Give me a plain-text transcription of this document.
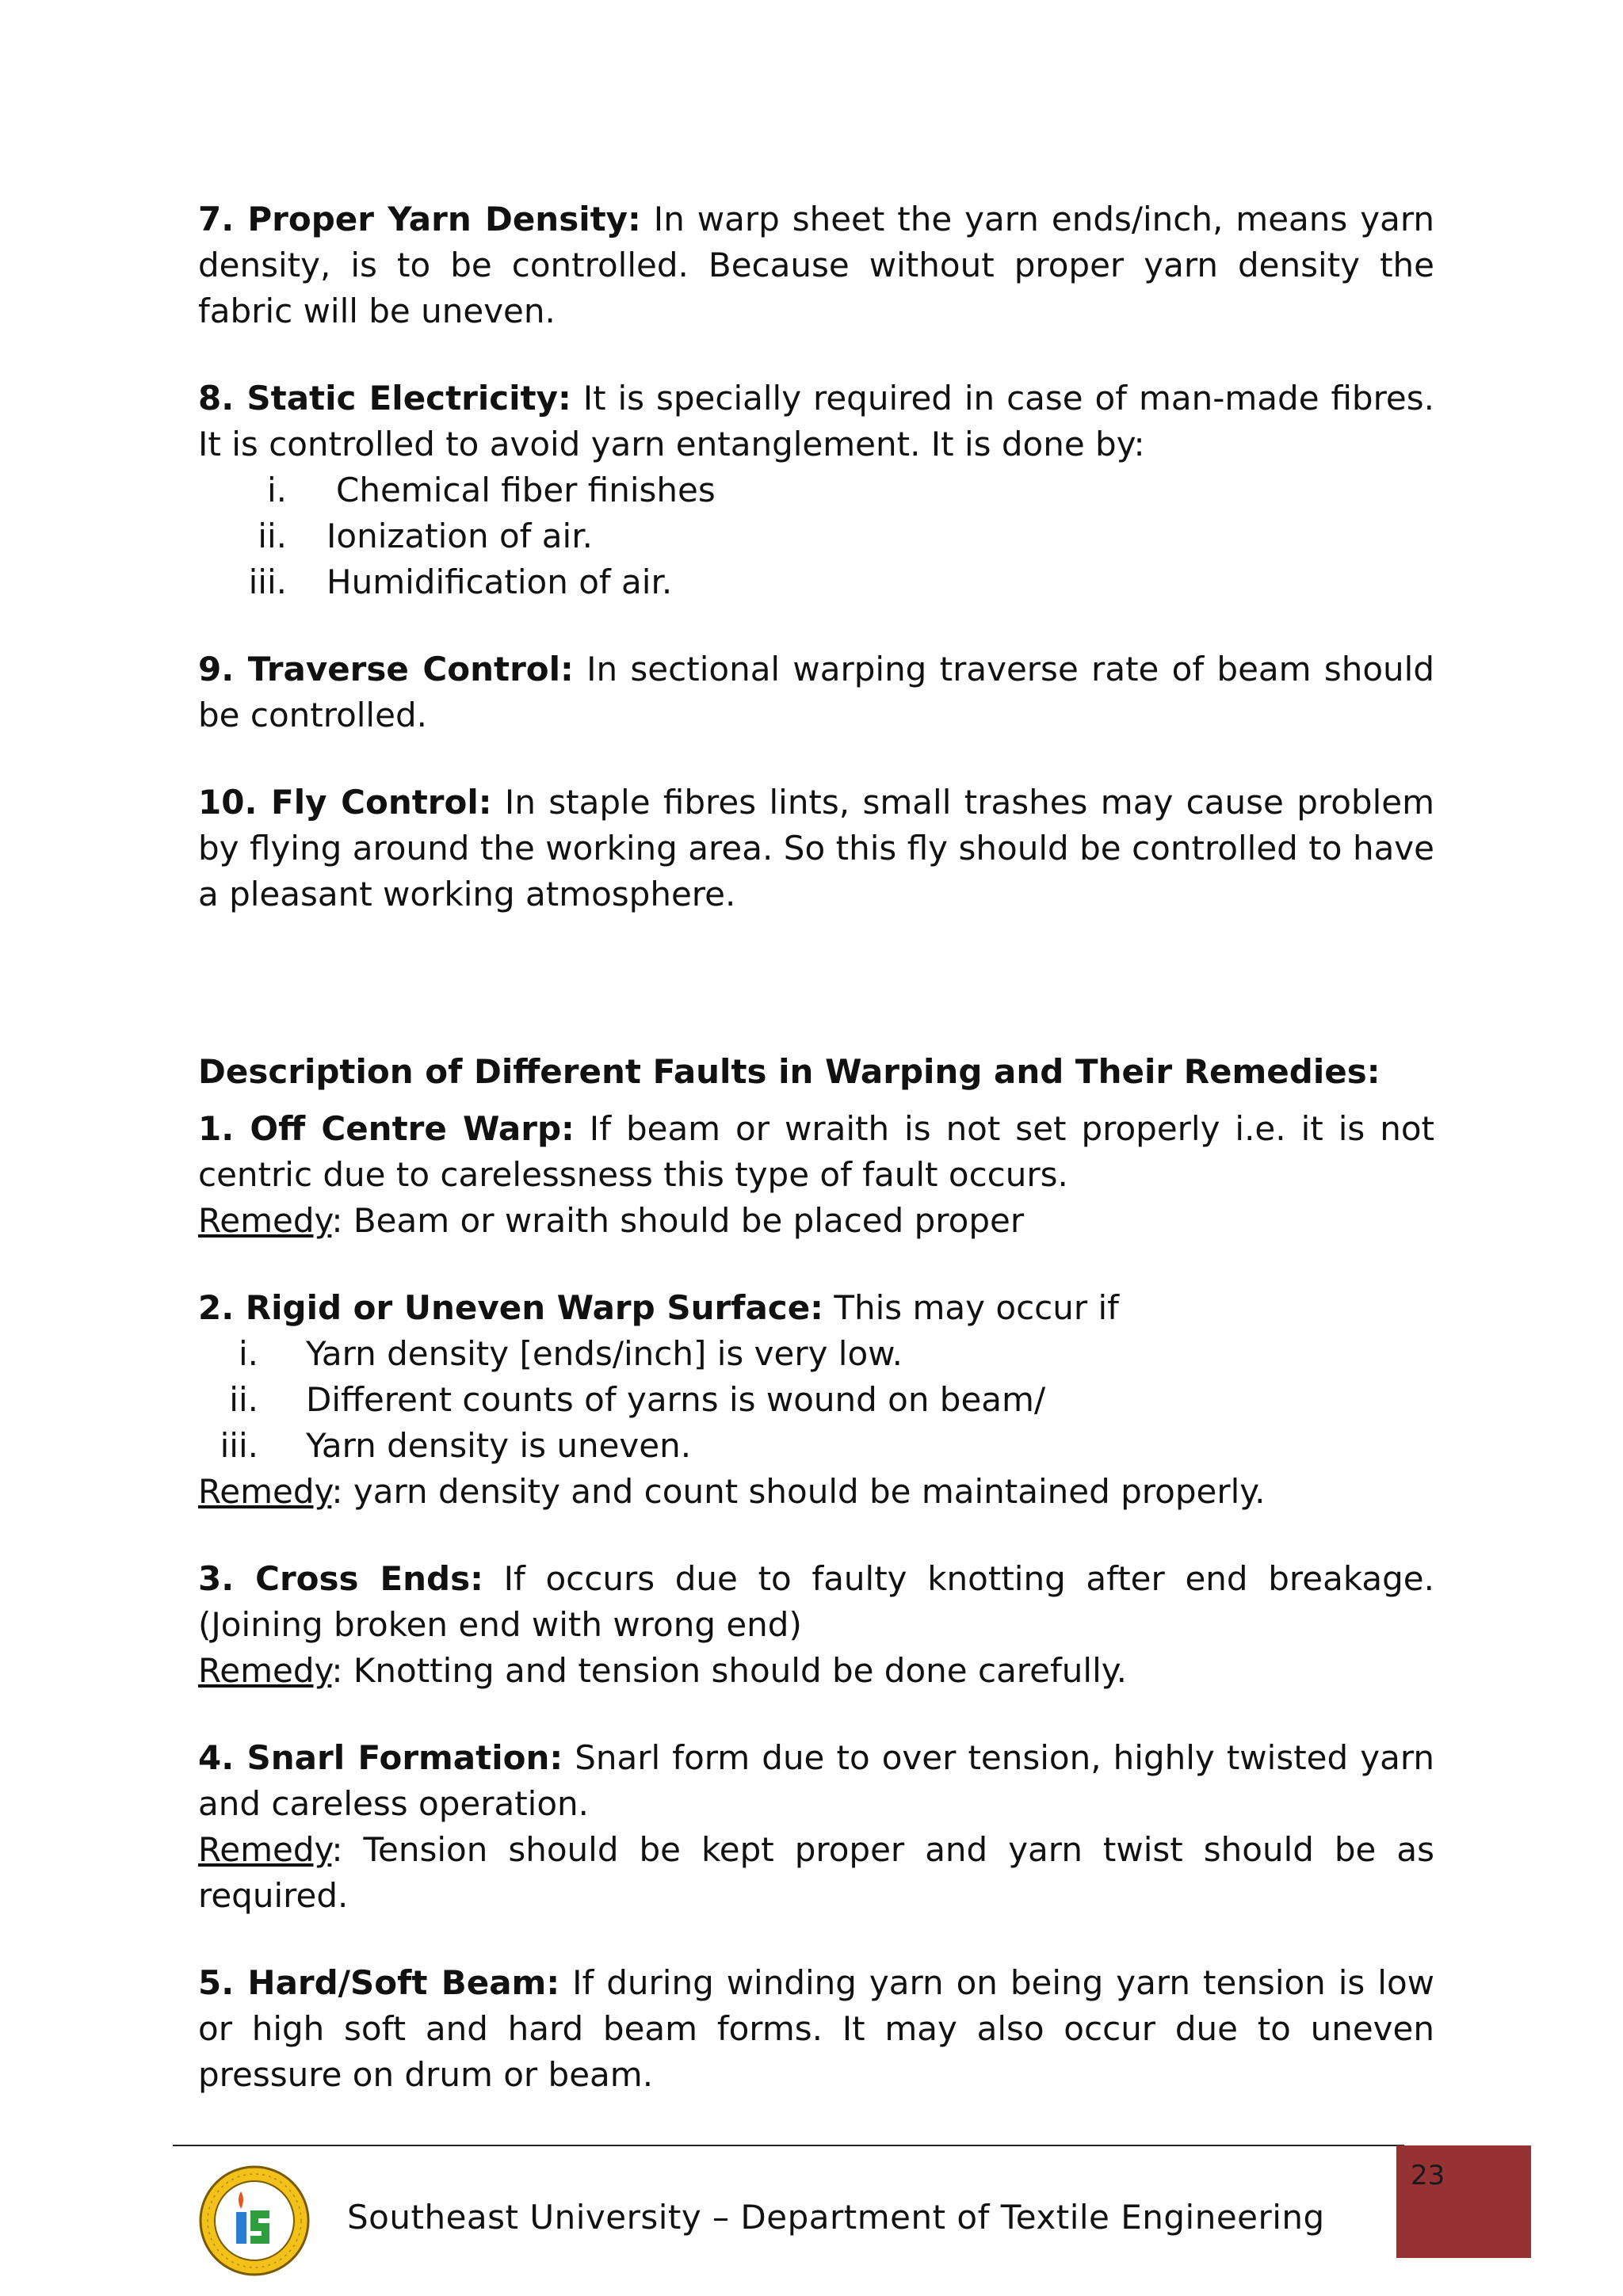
7. Proper Yarn Density: In warp sheet the yarn ends/inch, means yarn density, is to be controlled. Because without proper yarn density the fabric will be uneven.

8. Static Electricity: It is specially required in case of man-made fibres. It is controlled to avoid yarn entanglement. It is done by:

i. Chemical fiber finishes
ii. Ionization of air.
iii. Humidification of air.

9. Traverse Control: In sectional warping traverse rate of beam should be controlled.

10. Fly Control: In staple fibres lints, small trashes may cause problem by flying around the working area. So this fly should be controlled to have a pleasant working atmosphere.

Description of Different Faults in Warping and Their Remedies:

1. Off Centre Warp: If beam or wraith is not set properly i.e. it is not centric due to carelessness this type of fault occurs.

Remedy: Beam or wraith should be placed proper

2. Rigid or Uneven Warp Surface: This may occur if

i. Yarn density [ends/inch] is very low.
ii. Different counts of yarns is wound on beam/
iii. Yarn density is uneven.

Remedy: yarn density and count should be maintained properly.

3. Cross Ends: If occurs due to faulty knotting after end breakage. (Joining broken end with wrong end)

Remedy: Knotting and tension should be done carefully.

4. Snarl Formation: Snarl form due to over tension, highly twisted yarn and careless operation.

Remedy: Tension should be kept proper and yarn twist should be as required.

5. Hard/Soft Beam: If during winding yarn on being yarn tension is low or high soft and hard beam forms. It may also occur due to uneven pressure on drum or beam.

Southeast University – Department of Textile Engineering
23
